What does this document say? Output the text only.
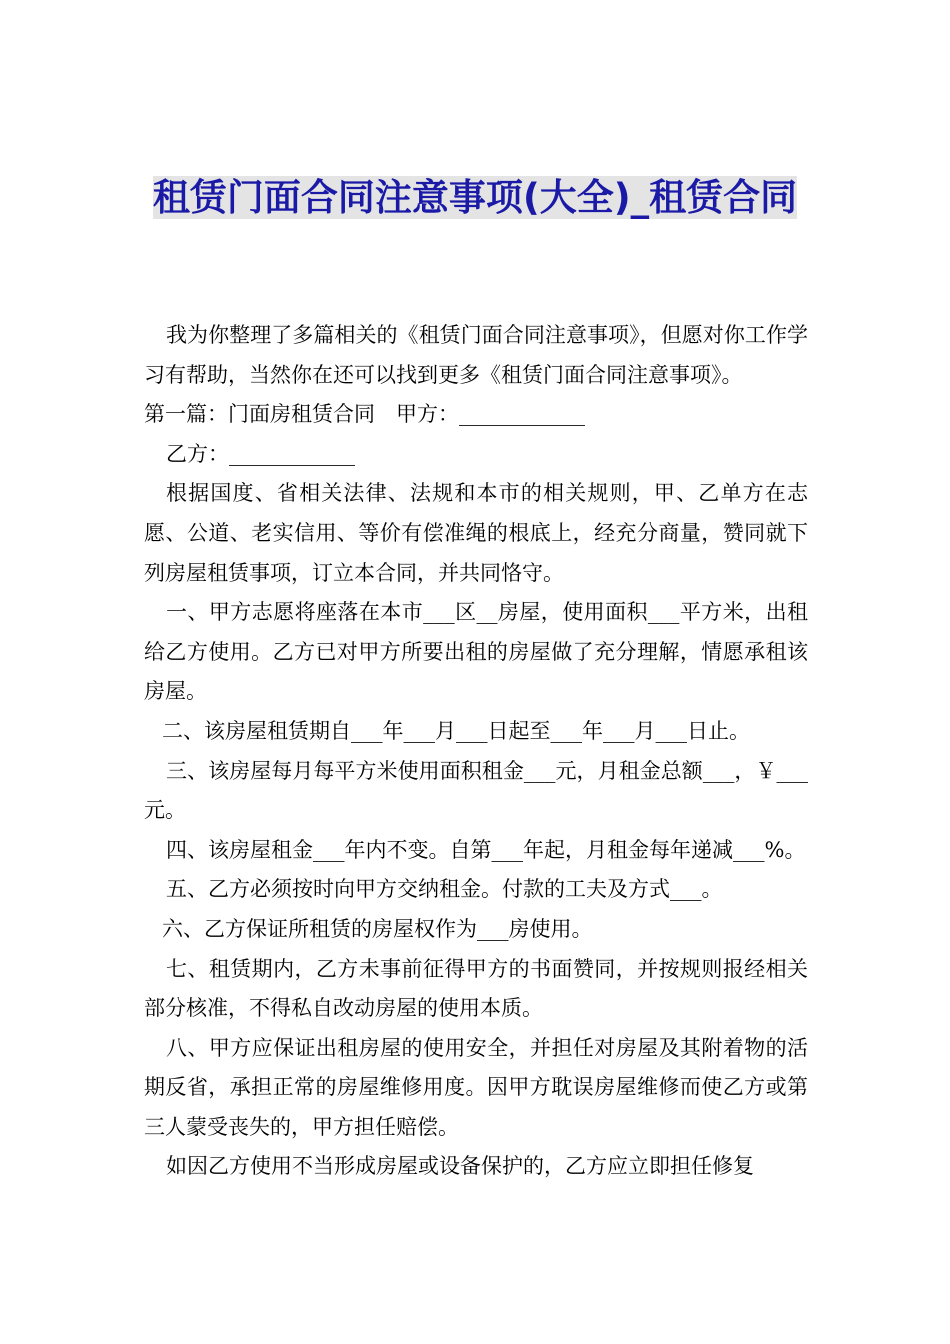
租赁门面合同注意事项(大全)_租赁合同

我为你整理了多篇相关的《租赁门面合同注意事项》，但愿对你工作学习有帮助，当然你在还可以找到更多《租赁门面合同注意事项》。

第一篇：门面房租赁合同　甲方：____________

乙方：____________

根据国度、省相关法律、法规和本市的相关规则，甲、乙单方在志愿、公道、老实信用、等价有偿准绳的根底上，经充分商量，赞同就下列房屋租赁事项，订立本合同，并共同恪守。

一、甲方志愿将座落在本市___区__房屋，使用面积___平方米，出租给乙方使用。乙方已对甲方所要出租的房屋做了充分理解，情愿承租该房屋。

二、该房屋租赁期自___年___月___日起至___年___月___日止。

三、该房屋每月每平方米使用面积租金___元，月租金总额___，￥___元。

四、该房屋租金___年内不变。自第___年起，月租金每年递减___%。

五、乙方必须按时向甲方交纳租金。付款的工夫及方式___。

六、乙方保证所租赁的房屋权作为___房使用。

七、租赁期内，乙方未事前征得甲方的书面赞同，并按规则报经相关部分核准，不得私自改动房屋的使用本质。

八、甲方应保证出租房屋的使用安全，并担任对房屋及其附着物的活期反省，承担正常的房屋维修用度。因甲方耽误房屋维修而使乙方或第三人蒙受丧失的，甲方担任赔偿。

如因乙方使用不当形成房屋或设备保护的，乙方应立即担任修复
